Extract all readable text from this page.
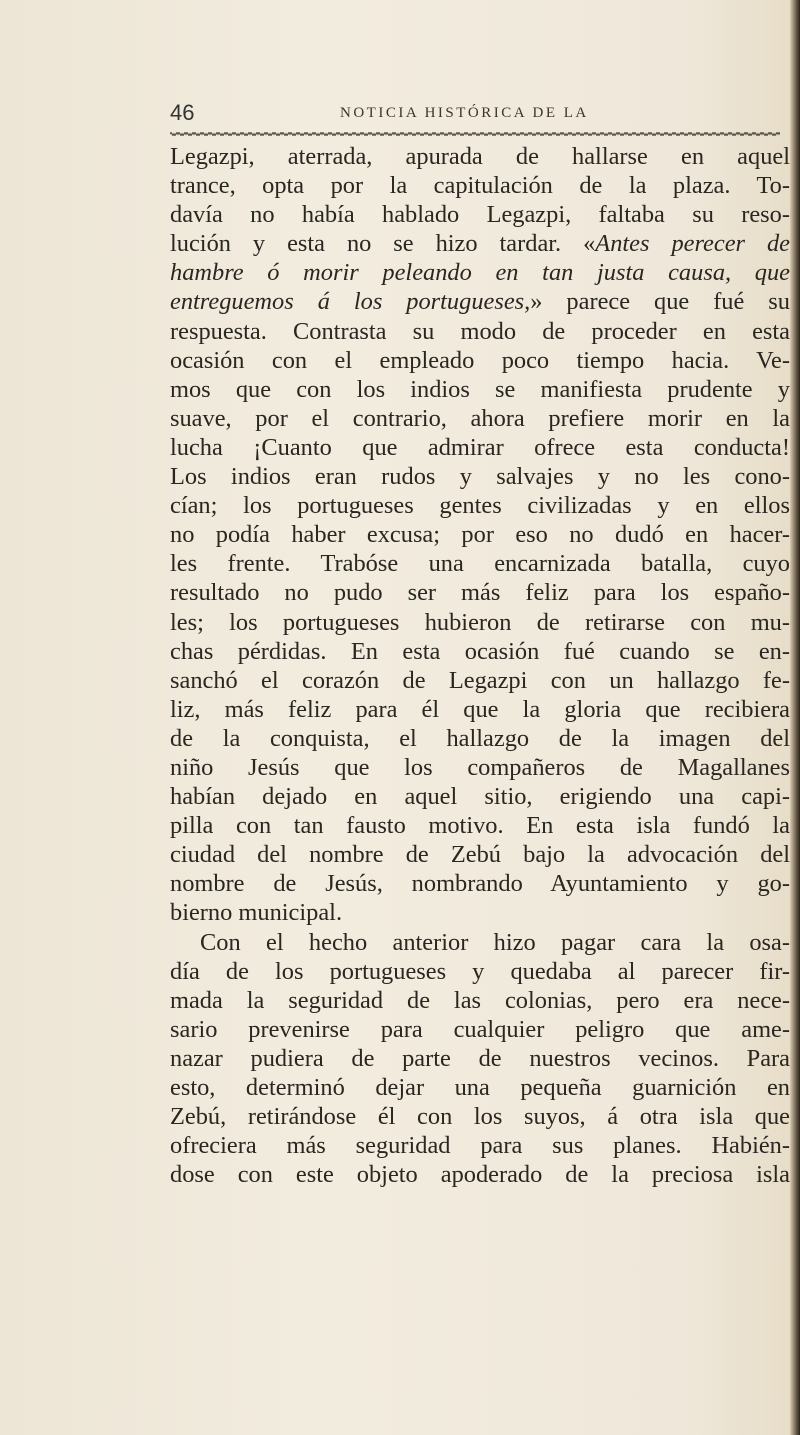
46	NOTICIA HISTÓRICA DE LA
Legazpi, aterrada, apurada de hallarse en aquel
trance, opta por la capitulación de la plaza. To-
davía no había hablado Legazpi, faltaba su reso-
lución y esta no se hizo tardar. «Antes perecer de
hambre ó morir peleando en tan justa causa, que
entreguemos á los portugueses,» parece que fué su
respuesta. Contrasta su modo de proceder en esta
ocasión con el empleado poco tiempo hacia. Ve-
mos que con los indios se manifiesta prudente y
suave, por el contrario, ahora prefiere morir en la
lucha ¡Cuanto que admirar ofrece esta conducta!
Los indios eran rudos y salvajes y no les cono-
cían; los portugueses gentes civilizadas y en ellos
no podía haber excusa; por eso no dudó en hacer-
les frente. Trabóse una encarnizada batalla, cuyo
resultado no pudo ser más feliz para los españo-
les; los portugueses hubieron de retirarse con mu-
chas pérdidas. En esta ocasión fué cuando se en-
sanchó el corazón de Legazpi con un hallazgo fe-
liz, más feliz para él que la gloria que recibiera
de la conquista, el hallazgo de la imagen del
niño Jesús que los compañeros de Magallanes
habían dejado en aquel sitio, erigiendo una capi-
pilla con tan fausto motivo. En esta isla fundó la
ciudad del nombre de Zebú bajo la advocación del
nombre de Jesús, nombrando Ayuntamiento y go-
bierno municipal.
Con el hecho anterior hizo pagar cara la osa-
día de los portugueses y quedaba al parecer fir-
mada la seguridad de las colonias, pero era nece-
sario prevenirse para cualquier peligro que ame-
nazar pudiera de parte de nuestros vecinos. Para
esto, determinó dejar una pequeña guarnición en
Zebú, retirándose él con los suyos, á otra isla que
ofreciera más seguridad para sus planes. Habién-
dose con este objeto apoderado de la preciosa isla
